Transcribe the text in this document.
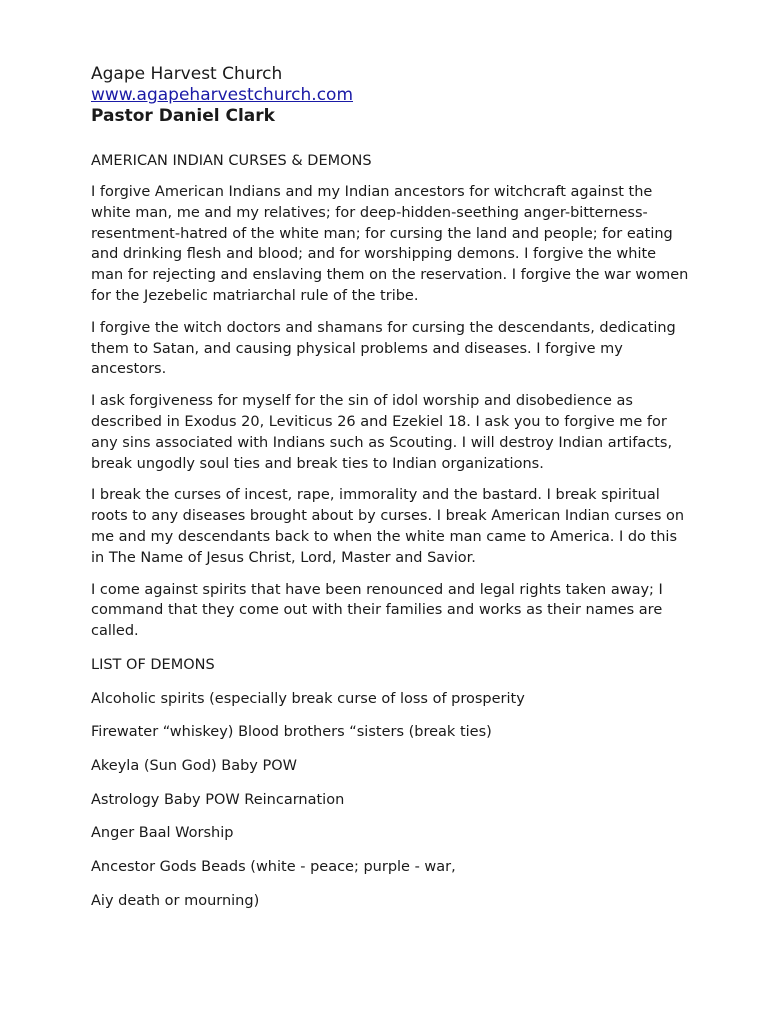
Agape Harvest Church

www.agapeharvestchurch.com

Pastor Daniel Clark

AMERICAN INDIAN CURSES & DEMONS

I forgive American Indians and my Indian ancestors for witchcraft against the white man, me and my relatives; for deep-hidden-seething anger-bitterness-resentment-hatred of the white man; for cursing the land and people; for eating and drinking flesh and blood; and for worshipping demons. I forgive the white man for rejecting and enslaving them on the reservation. I forgive the war women for the Jezebelic matriarchal rule of the tribe.

I forgive the witch doctors and shamans for cursing the descendants, dedicating them to Satan, and causing physical problems and diseases. I forgive my ancestors.

I ask forgiveness for myself for the sin of idol worship and disobedience as described in Exodus 20, Leviticus 26 and Ezekiel 18. I ask you to forgive me for any sins associated with Indians such as Scouting. I will destroy Indian artifacts, break ungodly soul ties and break ties to Indian organizations.

I break the curses of incest, rape, immorality and the bastard. I break spiritual roots to any diseases brought about by curses. I break American Indian curses on me and my descendants back to when the white man came to America. I do this in The Name of Jesus Christ, Lord, Master and Savior.

I come against spirits that have been renounced and legal rights taken away; I command that they come out with their families and works as their names are called.

LIST OF DEMONS

Alcoholic spirits (especially break curse of loss of prosperity

Firewater “whiskey) Blood brothers “sisters (break ties)

Akeyla (Sun God) Baby POW

Astrology Baby POW Reincarnation

Anger Baal Worship

Ancestor Gods Beads (white - peace; purple - war,

Aiy death or mourning)
